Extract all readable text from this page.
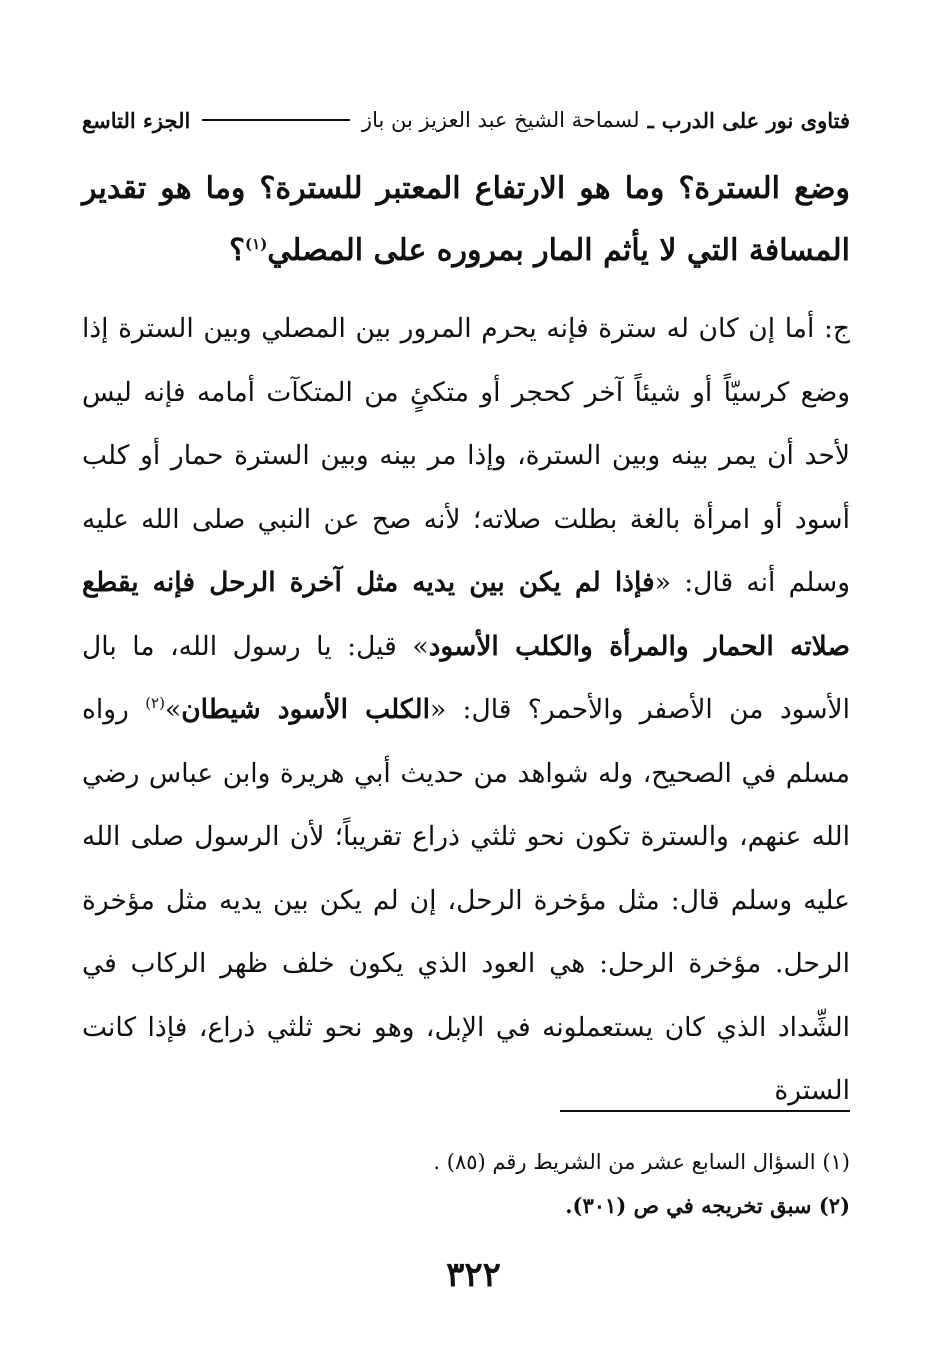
فتاوى نور على الدرب
ـ
لسماحة الشيخ عبد العزيز بن باز
الجزء التاسع
وضع السترة؟ وما هو الارتفاع المعتبر للسترة؟ وما هو تقدير المسافة التي لا يأثم المار بمروره على المصلي$^{(١)}$؟

ج: أما إن كان له سترة فإنه يحرم المرور بين المصلي وبين السترة إذا وضع كرسيّاً أو شيئاً آخر كحجر أو متكئٍ من المتكآت أمامه فإنه ليس لأحد أن يمر بينه وبين السترة، وإذا مر بينه وبين السترة حمار أو كلب أسود أو امرأة بالغة بطلت صلاته؛ لأنه صح عن النبي صلى الله عليه وسلم أنه قال: «فإذا لم يكن بين يديه مثل آخرة الرحل فإنه يقطع صلاته الحمار والمرأة والكلب الأسود» قيل: يا رسول الله، ما بال الأسود من الأصفر والأحمر؟ قال: «الكلب الأسود شيطان»$^{(٢)}$ رواه مسلم في الصحيح، وله شواهد من حديث أبي هريرة وابن عباس رضي الله عنهم، والسترة تكون نحو ثلثي ذراع تقريباً؛ لأن الرسول صلى الله عليه وسلم قال: مثل مؤخرة الرحل، إن لم يكن بين يديه مثل مؤخرة الرحل. مؤخرة الرحل: هي العود الذي يكون خلف ظهر الركاب في الشِّداد الذي كان يستعملونه في الإبل، وهو نحو ثلثي ذراع، فإذا كانت السترة

(١) السؤال السابع عشر من الشريط رقم (٨٥) .
(٢) سبق تخريجه في ص (٣٠١).
٣٢٢
